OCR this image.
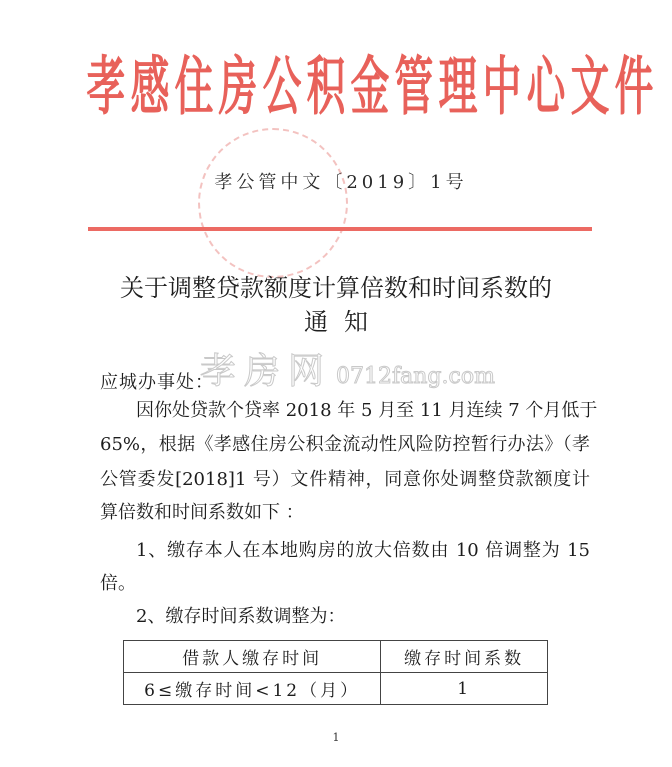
孝 感 住 房 公 积 金 管 理 中 心 文 件
孝公管中文〔2019〕1号
关于调整贷款额度计算倍数和时间系数的
通知
孝房网 0712fang.com
应城办事处：
因你处贷款个贷率 2018 年 5 月至 11 月连续 7 个月低于
65%，根据《孝感住房公积金流动性风险防控暂行办法》（孝
公管委发[2018]1 号）文件精神，同意你处调整贷款额度计
算倍数和时间系数如下 ：
1、缴存本人在本地购房的放大倍数由 10 倍调整为 15
倍。
2、缴存时间系数调整为：
借款人缴存时间	缴存时间系数
6≤缴存时间<12（月）	1
1
